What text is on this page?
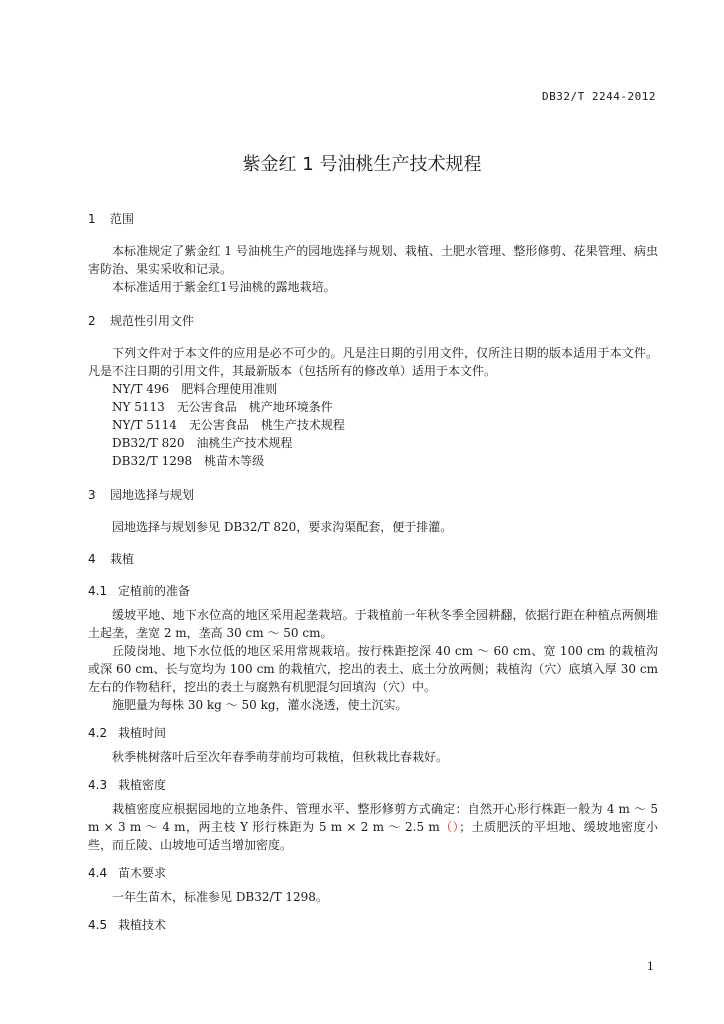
DB32/T 2244-2012
紫金红 1 号油桃生产技术规程
1	范围

本标准规定了紫金红 1 号油桃生产的园地选择与规划、栽植、土肥水管理、整形修剪、花果管理、病虫害防治、果实采收和记录。

本标准适用于紫金红1号油桃的露地栽培。

2	规范性引用文件

下列文件对于本文件的应用是必不可少的。凡是注日期的引用文件，仅所注日期的版本适用于本文件。凡是不注日期的引用文件，其最新版本（包括所有的修改单）适用于本文件。

NY/T 496　肥料合理使用准则

NY 5113　无公害食品　桃产地环境条件

NY/T 5114　无公害食品　桃生产技术规程

DB32/T 820　油桃生产技术规程

DB32/T 1298　桃苗木等级

3	园地选择与规划

园地选择与规划参见 DB32/T 820，要求沟渠配套，便于排灌。

4	栽植
4.1 定植前的准备

缓坡平地、地下水位高的地区采用起垄栽培。于栽植前一年秋冬季全园耕翻，依据行距在种植点两侧堆土起垄，垄宽 2 m，垄高 30 cm ～ 50 cm。

丘陵岗地、地下水位低的地区采用常规栽培。按行株距挖深 40 cm ～ 60 cm、宽 100 cm 的栽植沟或深 60 cm、长与宽均为 100 cm 的栽植穴，挖出的表土、底土分放两侧；栽植沟（穴）底填入厚 30 cm 左右的作物秸秆，挖出的表土与腐熟有机肥混匀回填沟（穴）中。

施肥量为每株 30 kg ～ 50 kg，灌水浇透，使土沉实。

4.2 栽植时间

秋季桃树落叶后至次年春季萌芽前均可栽植，但秋栽比春栽好。

4.3 栽植密度

栽植密度应根据园地的立地条件、管理水平、整形修剪方式确定：自然开心形行株距一般为 4 m ～ 5 m × 3 m ～ 4 m，两主枝 Y 形行株距为 5 m × 2 m ～ 2.5 m（）；土质肥沃的平坦地、缓坡地密度小些，而丘陵、山坡地可适当增加密度。

4.4 苗木要求

一年生苗木，标准参见 DB32/T 1298。

4.5 栽植技术
1
